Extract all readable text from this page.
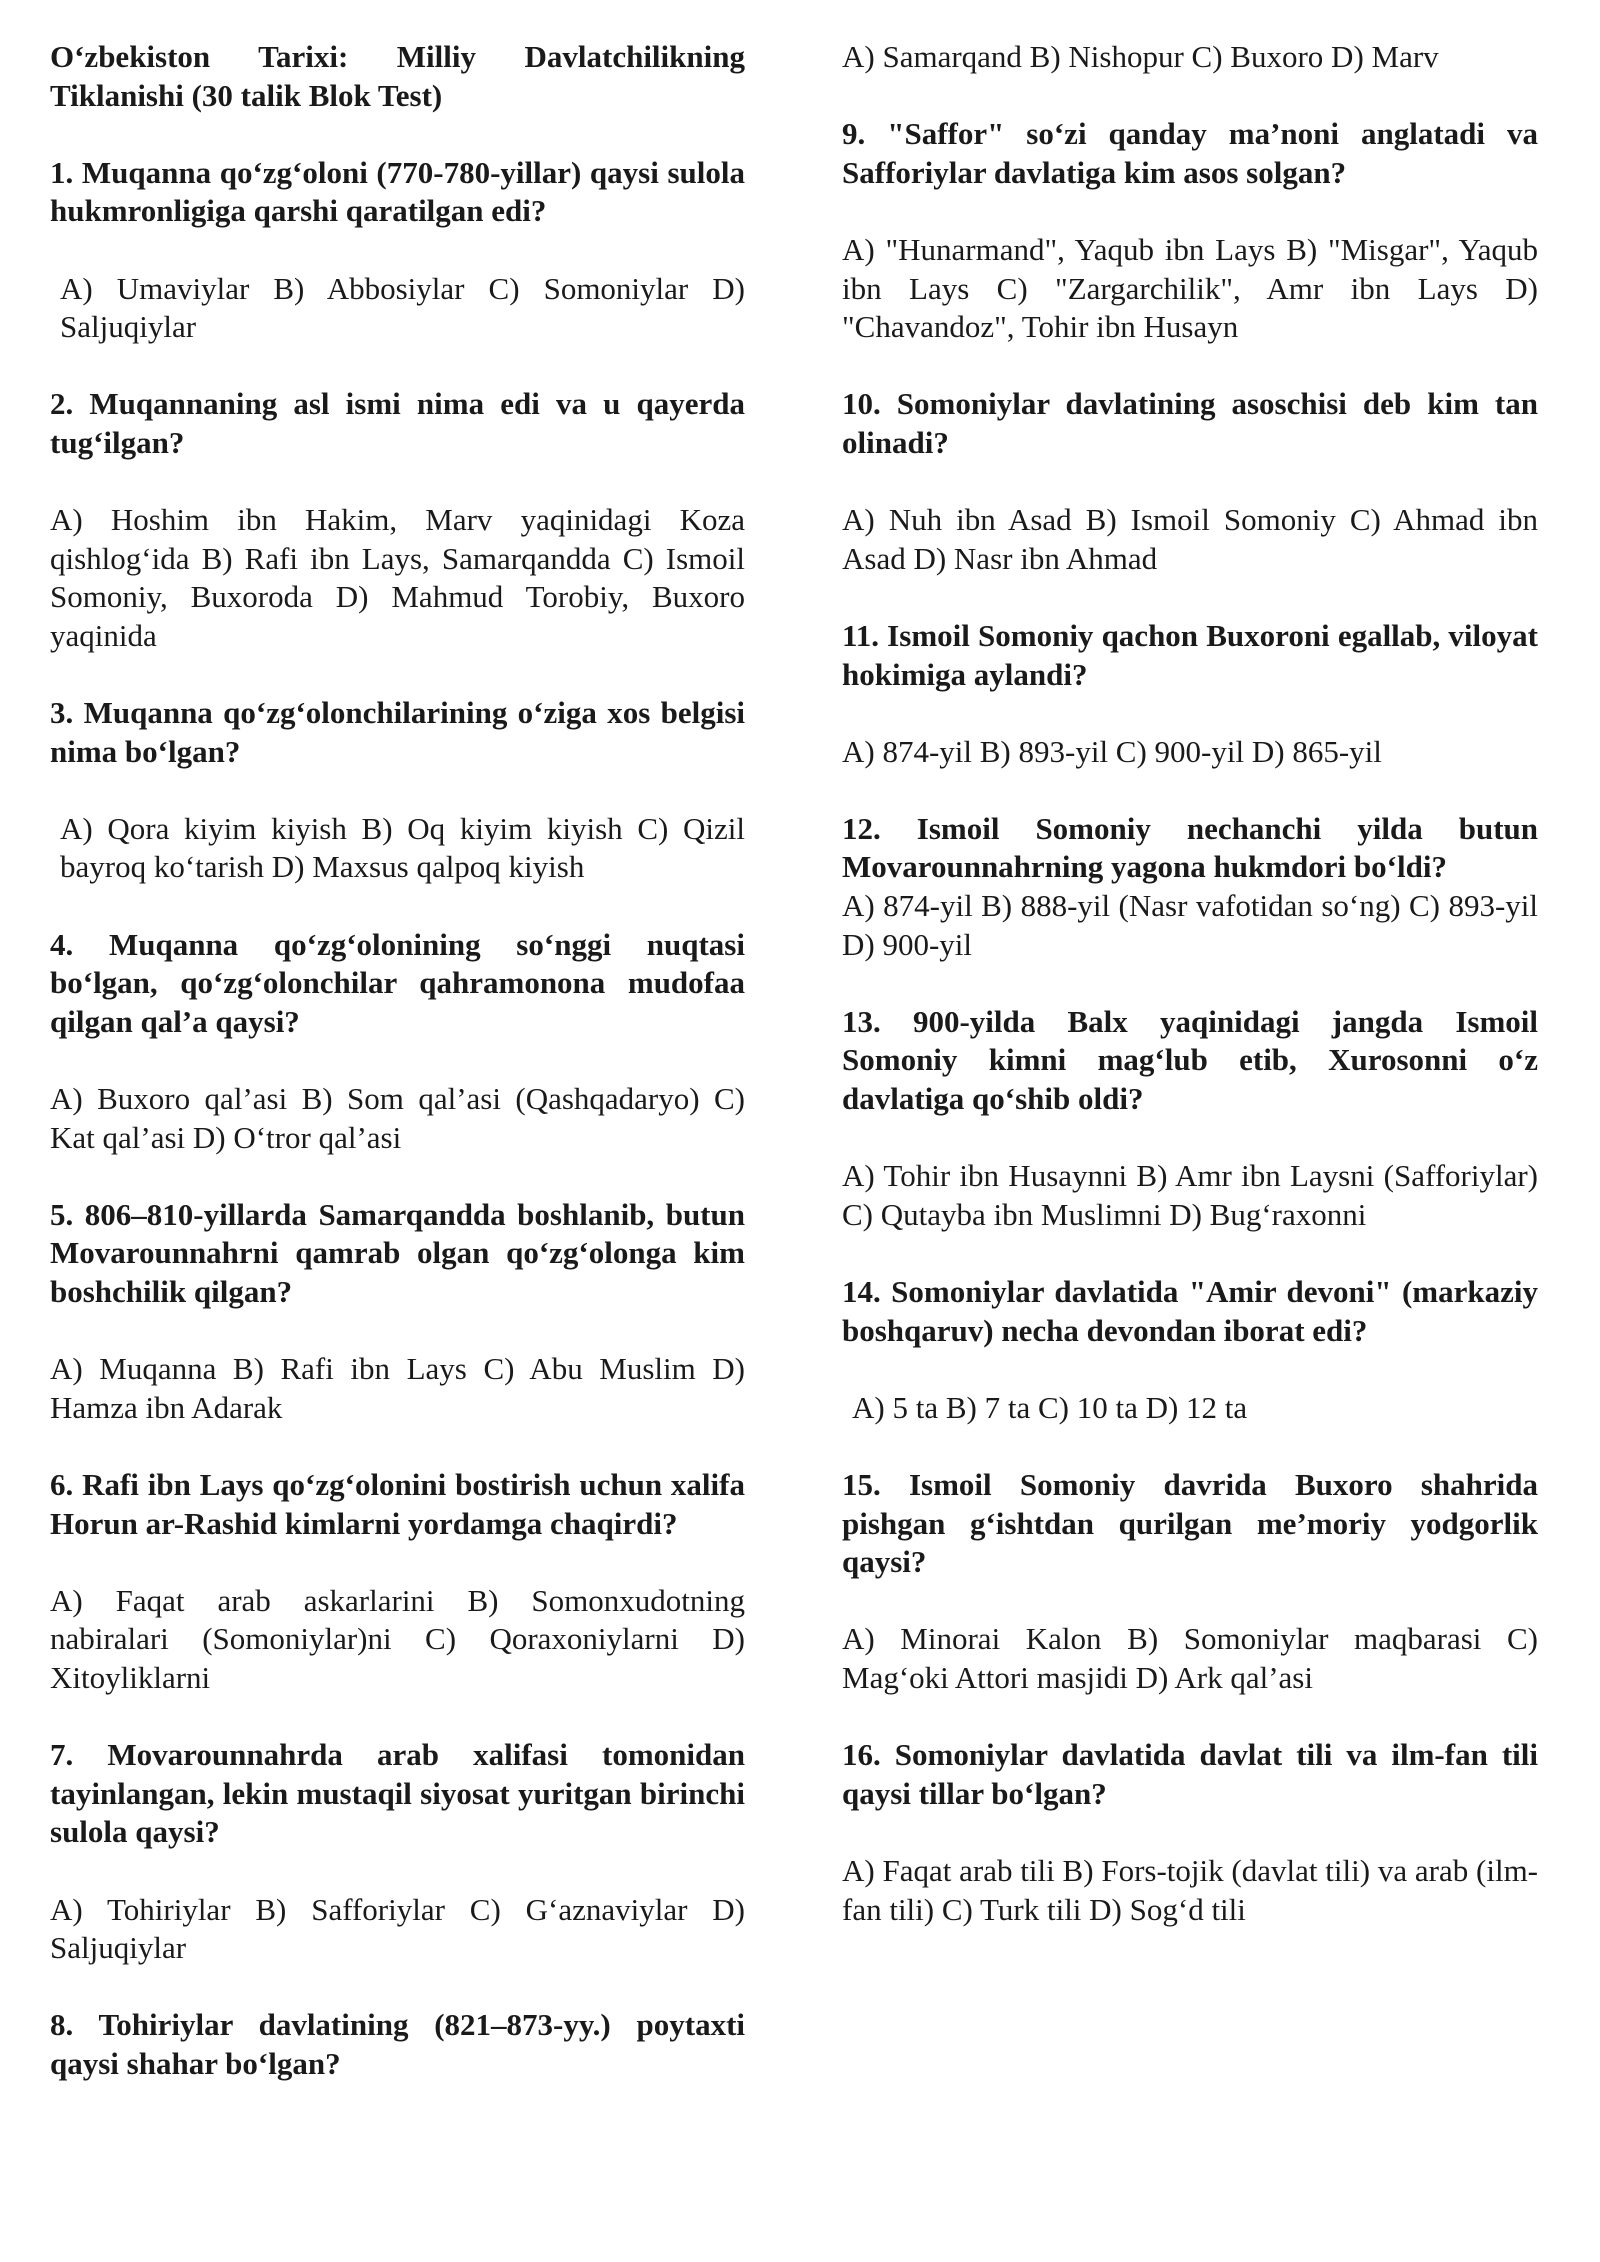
O‘zbekiston Tarixi: Milliy Davlatchilikning Tiklanishi (30 talik Blok Test)

1. Muqanna qo‘zg‘oloni (770-780-yillar) qaysi sulola hukmronligiga qarshi qaratilgan edi?

A) Umaviylar B) Abbosiylar C) Somoniylar D) Saljuqiylar

2. Muqannaning asl ismi nima edi va u qayerda tug‘ilgan?

A) Hoshim ibn Hakim, Marv yaqinidagi Koza qishlog‘ida B) Rafi ibn Lays, Samarqandda C) Ismoil Somoniy, Buxoroda D) Mahmud Torobiy, Buxoro yaqinida

3. Muqanna qo‘zg‘olonchilarining o‘ziga xos belgisi nima bo‘lgan?

A) Qora kiyim kiyish B) Oq kiyim kiyish C) Qizil bayroq ko‘tarish D) Maxsus qalpoq kiyish

4. Muqanna qo‘zg‘olonining so‘nggi nuqtasi bo‘lgan, qo‘zg‘olonchilar qahramonona mudofaa qilgan qal’a qaysi?

A) Buxoro qal’asi B) Som qal’asi (Qashqadaryo) C) Kat qal’asi D) O‘tror qal’asi

5. 806–810-yillarda Samarqandda boshlanib, butun Movarounnahrni qamrab olgan qo‘zg‘olonga kim boshchilik qilgan?

A) Muqanna B) Rafi ibn Lays C) Abu Muslim D) Hamza ibn Adarak

6. Rafi ibn Lays qo‘zg‘olonini bostirish uchun xalifa Horun ar-Rashid kimlarni yordamga chaqirdi?

A) Faqat arab askarlarini B) Somonxudotning nabiralari (Somoniylar)ni C) Qoraxoniylarni D) Xitoyliklarni

7. Movarounnahrda arab xalifasi tomonidan tayinlangan, lekin mustaqil siyosat yuritgan birinchi sulola qaysi?

A) Tohiriylar B) Safforiylar C) G‘aznaviylar D) Saljuqiylar

8. Tohiriylar davlatining (821–873-yy.) poytaxti qaysi shahar bo‘lgan?

A) Samarqand B) Nishopur C) Buxoro D) Marv

9. "Saffor" so‘zi qanday ma’noni anglatadi va Safforiylar davlatiga kim asos solgan?

A) "Hunarmand", Yaqub ibn Lays B) "Misgar", Yaqub ibn Lays C) "Zargarchilik", Amr ibn Lays D) "Chavandoz", Tohir ibn Husayn

10. Somoniylar davlatining asoschisi deb kim tan olinadi?

A) Nuh ibn Asad B) Ismoil Somoniy C) Ahmad ibn Asad D) Nasr ibn Ahmad

11. Ismoil Somoniy qachon Buxoroni egallab, viloyat hokimiga aylandi?

A) 874-yil B) 893-yil C) 900-yil D) 865-yil

12. Ismoil Somoniy nechanchi yilda butun Movarounnahrning yagona hukmdori bo‘ldi?

A) 874-yil B) 888-yil (Nasr vafotidan so‘ng) C) 893-yil D) 900-yil

13. 900-yilda Balx yaqinidagi jangda Ismoil Somoniy kimni mag‘lub etib, Xurosonni o‘z davlatiga qo‘shib oldi?

A) Tohir ibn Husaynni B) Amr ibn Laysni (Safforiylar) C) Qutayba ibn Muslimni D) Bug‘raxonni

14. Somoniylar davlatida "Amir devoni" (markaziy boshqaruv) necha devondan iborat edi?

A) 5 ta B) 7 ta C) 10 ta D) 12 ta

15. Ismoil Somoniy davrida Buxoro shahrida pishgan g‘ishtdan qurilgan me’moriy yodgorlik qaysi?

A) Minorai Kalon B) Somoniylar maqbarasi C) Mag‘oki Attori masjidi D) Ark qal’asi

16. Somoniylar davlatida davlat tili va ilm-fan tili qaysi tillar bo‘lgan?

A) Faqat arab tili B) Fors-tojik (davlat tili) va arab (ilm-fan tili) C) Turk tili D) Sog‘d tili
